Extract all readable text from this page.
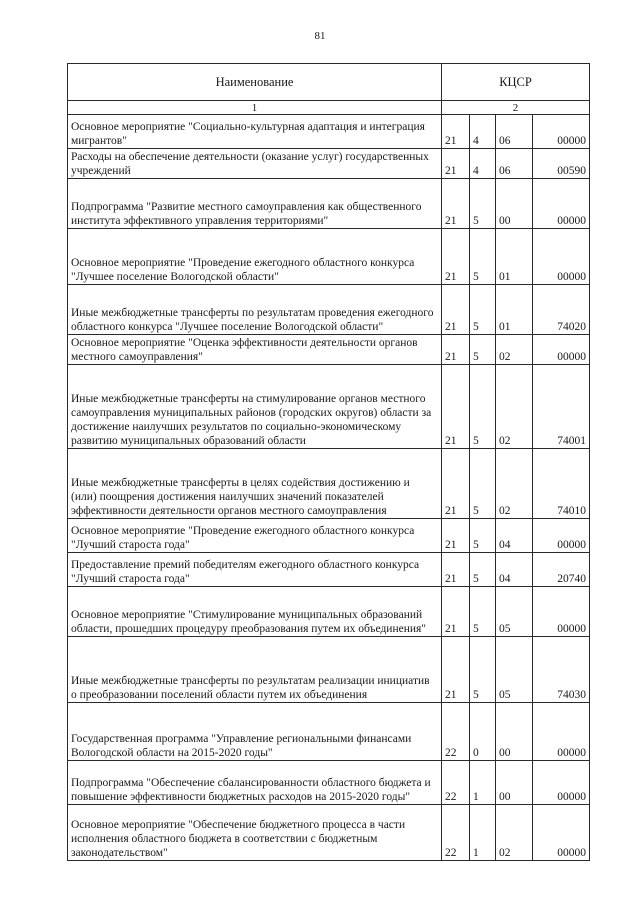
81
Наименование	КЦСР			
1	2			
Основное мероприятие "Социально-культурная адаптация и интеграция мигрантов"	21	4	06	00000
Расходы на обеспечение деятельности (оказание услуг) государственных учреждений	21	4	06	00590
Подпрограмма "Развитие местного самоуправления как общественного института эффективного управления территориями"	21	5	00	00000
Основное мероприятие "Проведение ежегодного областного конкурса "Лучшее поселение Вологодской области"	21	5	01	00000
Иные межбюджетные трансферты по результатам проведения ежегодного областного конкурса "Лучшее поселение Вологодской области"	21	5	01	74020
Основное мероприятие "Оценка эффективности деятельности органов местного самоуправления"	21	5	02	00000
Иные межбюджетные трансферты на стимулирование органов местного самоуправления муниципальных районов (городских округов) области за достижение наилучших результатов по социально-экономическому развитию муниципальных образований области	21	5	02	74001
Иные межбюджетные трансферты в целях содействия достижению и (или) поощрения достижения наилучших значений показателей эффективности деятельности органов местного самоуправления	21	5	02	74010
Основное мероприятие "Проведение ежегодного областного конкурса "Лучший староста года"	21	5	04	00000
Предоставление премий победителям ежегодного областного конкурса "Лучший староста года"	21	5	04	20740
Основное мероприятие "Стимулирование муниципальных образований области, прошедших процедуру преобразования путем их объединения"	21	5	05	00000
Иные межбюджетные трансферты по результатам реализации инициатив о преобразовании поселений области путем их объединения	21	5	05	74030
Государственная программа "Управление региональными финансами Вологодской области на 2015-2020 годы"	22	0	00	00000
Подпрограмма "Обеспечение сбалансированности областного бюджета и повышение эффективности бюджетных расходов на 2015-2020 годы"	22	1	00	00000
Основное мероприятие "Обеспечение бюджетного процесса в части исполнения областного бюджета в соответствии с бюджетным законодательством"	22	1	02	00000
